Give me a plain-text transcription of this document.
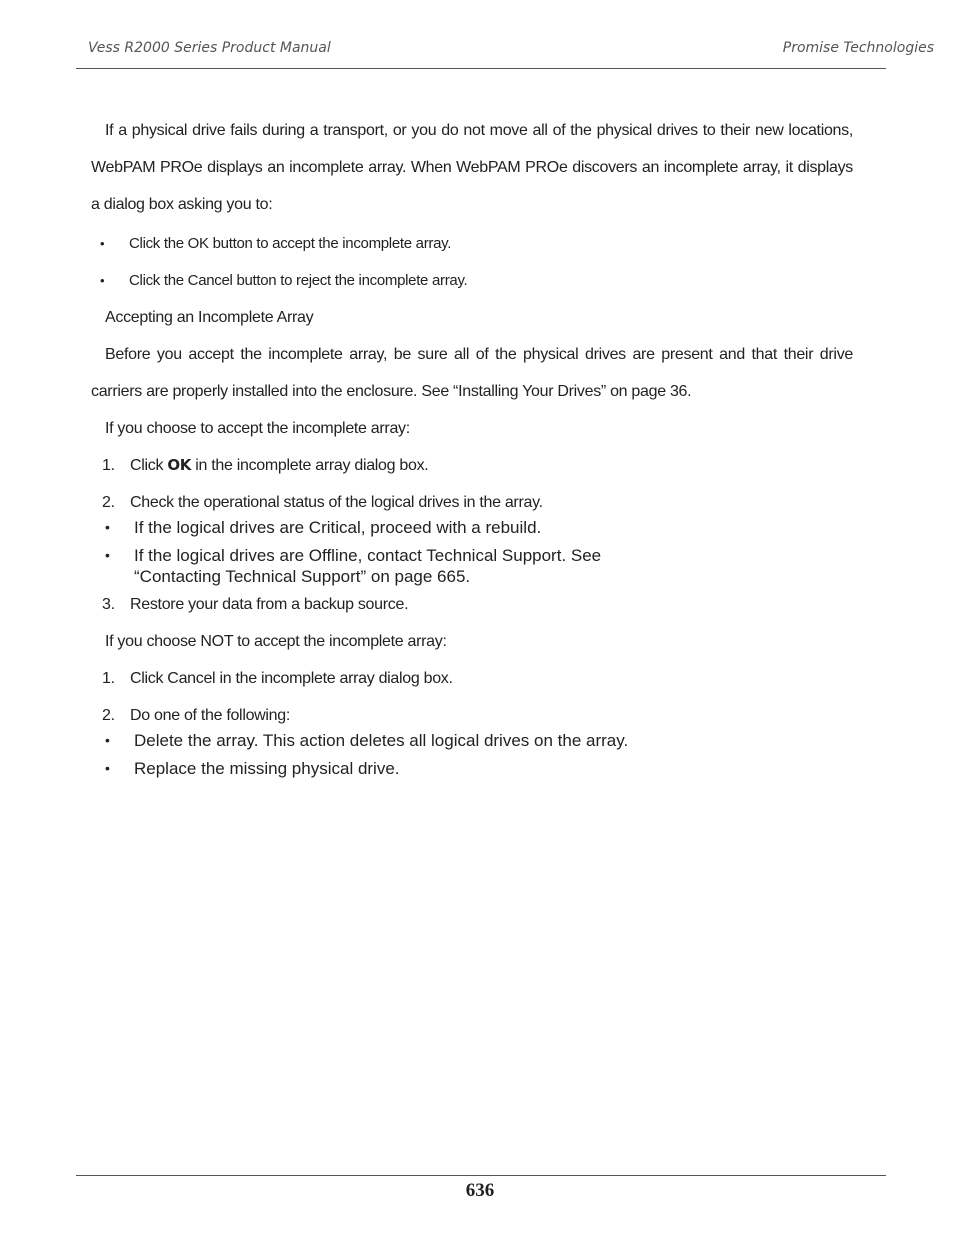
Vess R2000 Series Product Manual	Promise Technologies

If a physical drive fails during a transport, or you do not move all of the physical drives to their new locations, WebPAM PROe displays an incomplete array. When WebPAM PROe discovers an incomplete array, it displays a dialog box asking you to:

• Click the OK button to accept the incomplete array.
• Click the Cancel button to reject the incomplete array.

Accepting an Incomplete Array

Before you accept the incomplete array, be sure all of the physical drives are present and that their drive carriers are properly installed into the enclosure. See “Installing Your Drives” on page 36.

If you choose to accept the incomplete array:

1. Click OK in the incomplete array dialog box.
2. Check the operational status of the logical drives in the array.
• If the logical drives are Critical, proceed with a rebuild.
• If the logical drives are Offline, contact Technical Support. See
“Contacting Technical Support” on page 665.
3. Restore your data from a backup source.

If you choose NOT to accept the incomplete array:

1. Click Cancel in the incomplete array dialog box.
2. Do one of the following:
• Delete the array. This action deletes all logical drives on the array.
• Replace the missing physical drive.
636
